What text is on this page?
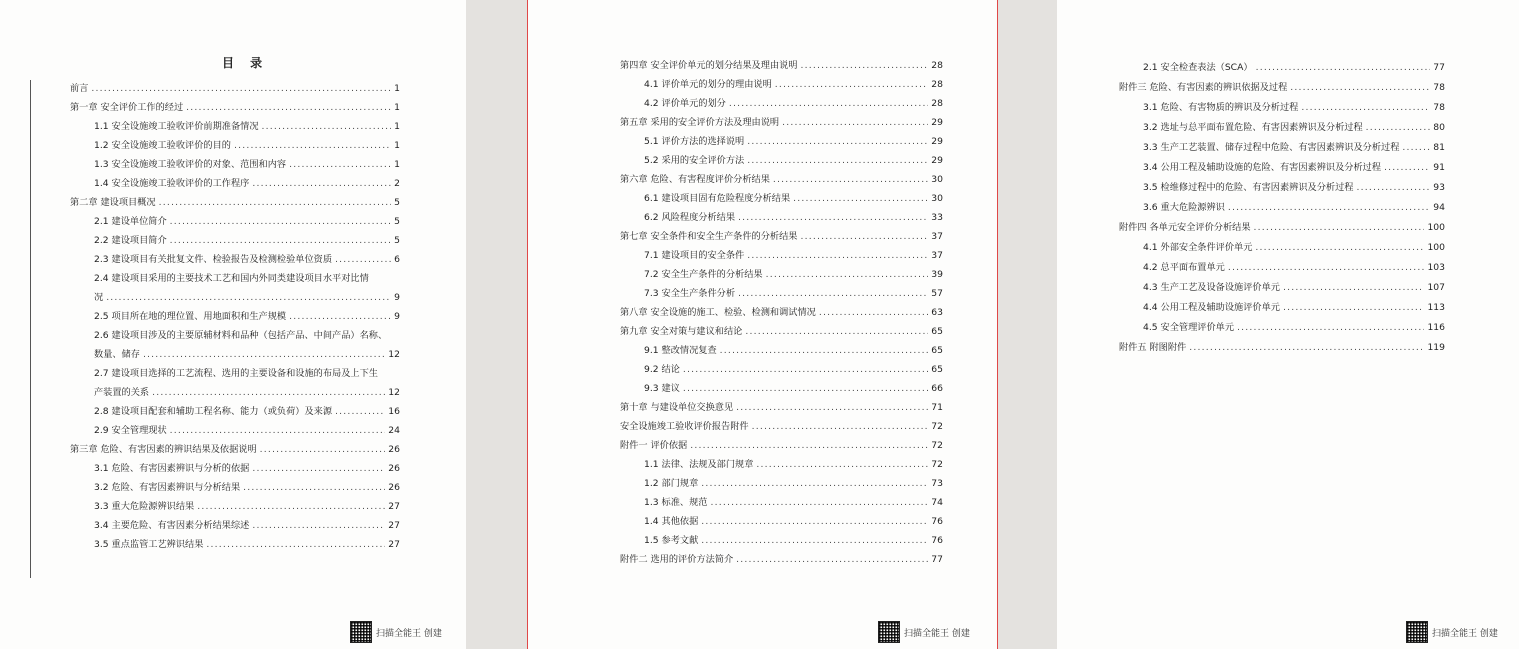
目 录
前言 .....	1
第一章 安全评价工作的经过 .....	1
1.1 安全设施竣工验收评价前期准备情况 .....	1
1.2 安全设施竣工验收评价的目的 .....	1
1.3 安全设施竣工验收评价的对象、范围和内容 .....	1
1.4 安全设施竣工验收评价的工作程序 .....	2
第二章 建设项目概况 .....	5
2.1 建设单位简介 .....	5
2.2 建设项目简介 .....	5
2.3 建设项目有关批复文件、检验报告及检测检验单位资质 .....	6
2.4 建设项目采用的主要技术工艺和国内外同类建设项目水平对比情
况 .....	9
2.5 项目所在地的理位置、用地面积和生产规模 .....	9
2.6 建设项目涉及的主要原辅材料和品种（包括产品、中间产品）名称、
数量、储存 .....	12
2.7 建设项目选择的工艺流程、选用的主要设备和设施的布局及上下生
产装置的关系 .....	12
2.8 建设项目配套和辅助工程名称、能力（或负荷）及来源 .....	16
2.9 安全管理现状 .....	24
第三章 危险、有害因素的辨识结果及依据说明 .....	26
3.1 危险、有害因素辨识与分析的依据 .....	26
3.2 危险、有害因素辨识与分析结果 .....	26
3.3 重大危险源辨识结果 .....	27
3.4 主要危险、有害因素分析结果综述 .....	27
3.5 重点监管工艺辨识结果 .....	27
扫描全能王 创建
第四章 安全评价单元的划分结果及理由说明 .....	28
4.1 评价单元的划分的理由说明 .....	28
4.2 评价单元的划分 .....	28
第五章 采用的安全评价方法及理由说明 .....	29
5.1 评价方法的选择说明 .....	29
5.2 采用的安全评价方法 .....	29
第六章 危险、有害程度评价分析结果 .....	30
6.1 建设项目固有危险程度分析结果 .....	30
6.2 风险程度分析结果 .....	33
第七章 安全条件和安全生产条件的分析结果 .....	37
7.1 建设项目的安全条件 .....	37
7.2 安全生产条件的分析结果 .....	39
7.3 安全生产条件分析 .....	57
第八章 安全设施的施工、检验、检测和调试情况 .....	63
第九章 安全对策与建议和结论 .....	65
9.1 整改情况复查 .....	65
9.2 结论 .....	65
9.3 建议 .....	66
第十章 与建设单位交换意见 .....	71
安全设施竣工验收评价报告附件 .....	72
附件一 评价依据 .....	72
1.1 法律、法规及部门规章 .....	72
1.2 部门规章 .....	73
1.3 标准、规范 .....	74
1.4 其他依据 .....	76
1.5 参考文献 .....	76
附件二 选用的评价方法简介 .....	77
扫描全能王 创建
2.1 安全检查表法（SCA） .....	77
附件三 危险、有害因素的辨识依据及过程 .....	78
3.1 危险、有害物质的辨识及分析过程 .....	78
3.2 选址与总平面布置危险、有害因素辨识及分析过程 .....	80
3.3 生产工艺装置、储存过程中危险、有害因素辨识及分析过程 .....	81
3.4 公用工程及辅助设施的危险、有害因素辨识及分析过程 .....	91
3.5 检维修过程中的危险、有害因素辨识及分析过程 .....	93
3.6 重大危险源辨识 .....	94
附件四 各单元安全评价分析结果 .....	100
4.1 外部安全条件评价单元 .....	100
4.2 总平面布置单元 .....	103
4.3 生产工艺及设备设施评价单元 .....	107
4.4 公用工程及辅助设施评价单元 .....	113
4.5 安全管理评价单元 .....	116
附件五 附图附件 .....	119
扫描全能王 创建
